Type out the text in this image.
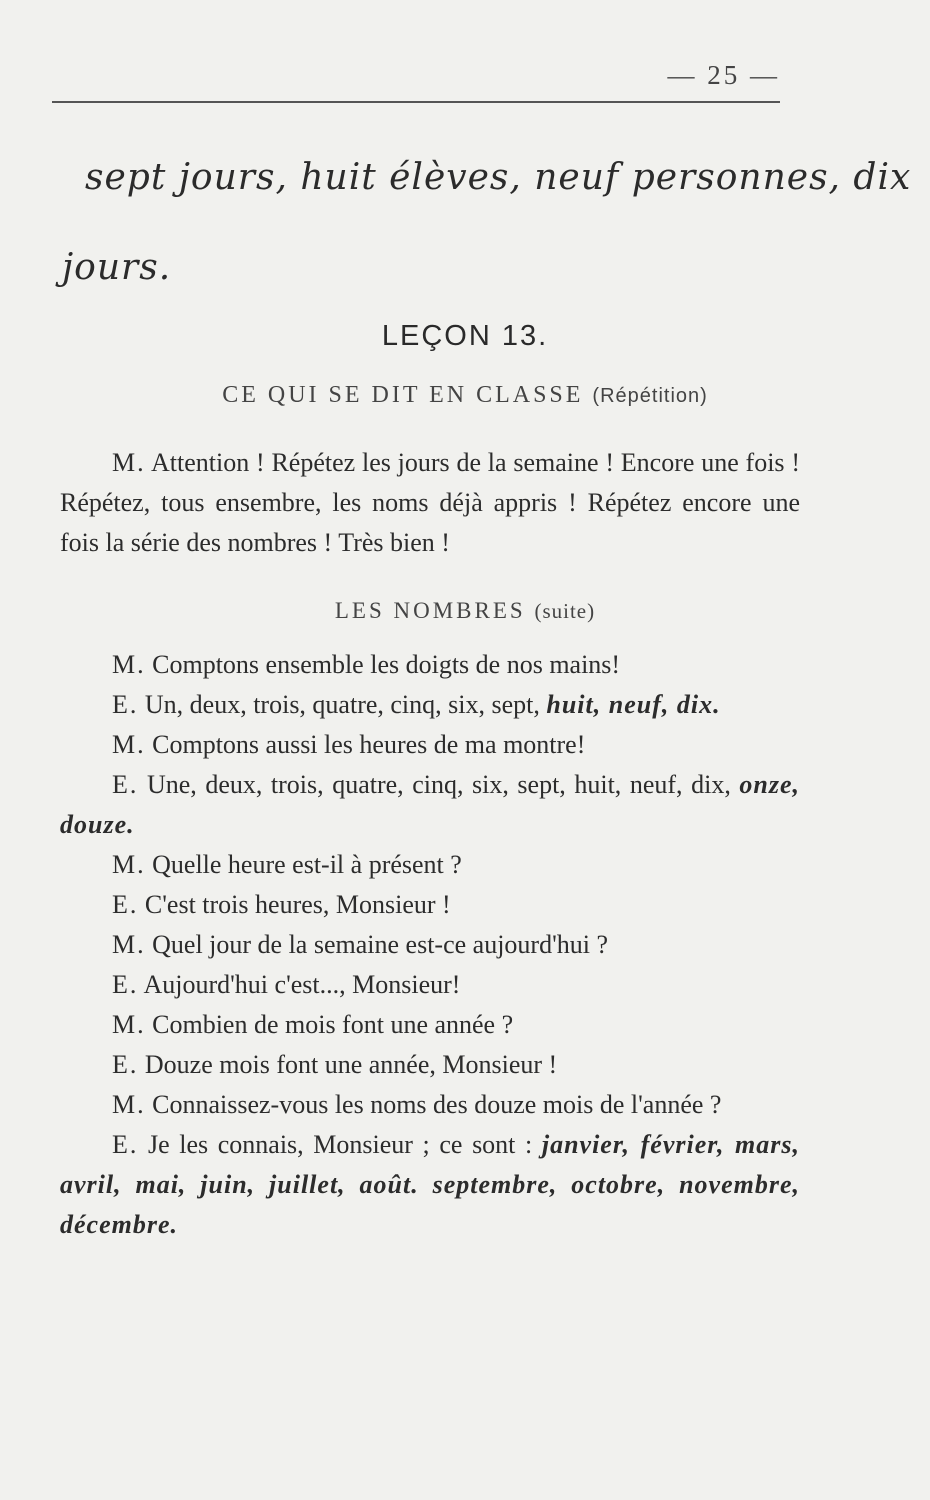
— 25 —
sept jours, huit élèves, neuf personnes, dix
jours.
LEÇON 13.
CE QUI SE DIT EN CLASSE (Répétition)

M. Attention ! Répétez les jours de la semaine ! Encore une fois ! Répétez, tous ensembre, les noms déjà appris ! Répétez encore une fois la série des nombres ! Très bien !

LES NOMBRES (suite)

M. Comptons ensemble les doigts de nos mains!

E. Un, deux, trois, quatre, cinq, six, sept, huit, neuf, dix.

M. Comptons aussi les heures de ma montre!

E. Une, deux, trois, quatre, cinq, six, sept, huit, neuf, dix, onze, douze.

M. Quelle heure est-il à présent ?

E. C'est trois heures, Monsieur !

M. Quel jour de la semaine est-ce aujourd'hui ?

E. Aujourd'hui c'est..., Monsieur!

M. Combien de mois font une année ?

E. Douze mois font une année, Monsieur !

M. Connaissez-vous les noms des douze mois de l'année ?

E. Je les connais, Monsieur ; ce sont : janvier, février, mars, avril, mai, juin, juillet, août. septembre, octobre, novembre, décembre.
